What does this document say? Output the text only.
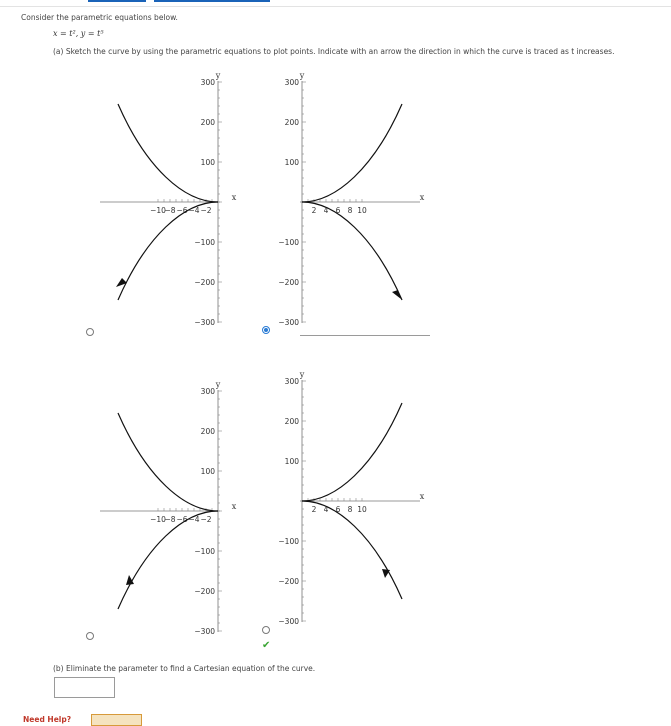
Consider the parametric equations below.
x = t², y = t⁵
(a) Sketch the curve by using the parametric equations to plot points. Indicate with an arrow the direction in which the curve is traced as t increases.
300
200
100
−100
−200
−300
−10
−8 −6 −4 −2
y
x
300
200
100
−100
−200
−300
2 4 6 8 10
y
x
300
200
100
−100
−200
−300
−10
−8 −6 −4 −2
y
x
300
200
100
−100
−200
−300
2 4 6 8 10
y
x
✔
(b) Eliminate the parameter to find a Cartesian equation of the curve.
Need Help?
